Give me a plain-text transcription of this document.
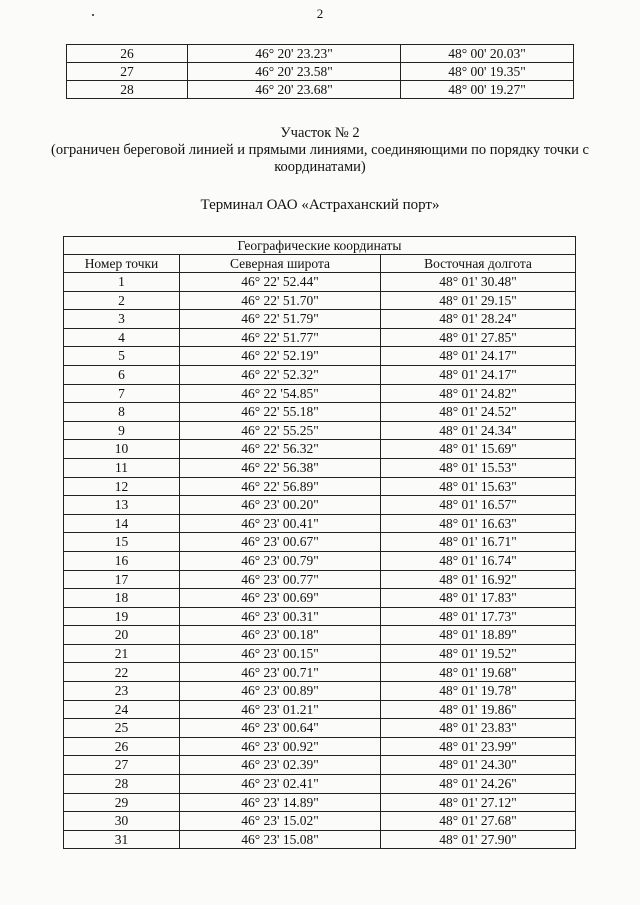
2
26	46° 20' 23.23"	48° 00' 20.03"
27	46° 20' 23.58"	48° 00' 19.35"
28	46° 20' 23.68"	48° 00' 19.27"
Участок № 2
(ограничен береговой линией и прямыми линиями, соединяющими по порядку точки с координатами)
Терминал ОАО «Астраханский порт»
Географические координаты		
Номер точки	Северная широта	Восточная долгота
1	46° 22' 52.44"	48° 01' 30.48"
2	46° 22' 51.70"	48° 01' 29.15"
3	46° 22' 51.79"	48° 01' 28.24"
4	46° 22' 51.77"	48° 01' 27.85"
5	46° 22' 52.19"	48° 01' 24.17"
6	46° 22' 52.32"	48° 01' 24.17"
7	46° 22 '54.85"	48° 01' 24.82"
8	46° 22' 55.18"	48° 01' 24.52"
9	46° 22' 55.25"	48° 01' 24.34"
10	46° 22' 56.32"	48° 01' 15.69"
11	46° 22' 56.38"	48° 01' 15.53"
12	46° 22' 56.89"	48° 01' 15.63"
13	46° 23' 00.20"	48° 01' 16.57"
14	46° 23' 00.41"	48° 01' 16.63"
15	46° 23' 00.67"	48° 01' 16.71"
16	46° 23' 00.79"	48° 01' 16.74"
17	46° 23' 00.77"	48° 01' 16.92"
18	46° 23' 00.69"	48° 01' 17.83"
19	46° 23' 00.31"	48° 01' 17.73"
20	46° 23' 00.18"	48° 01' 18.89"
21	46° 23' 00.15"	48° 01' 19.52"
22	46° 23' 00.71"	48° 01' 19.68"
23	46° 23' 00.89"	48° 01' 19.78"
24	46° 23' 01.21"	48° 01' 19.86"
25	46° 23' 00.64"	48° 01' 23.83"
26	46° 23' 00.92"	48° 01' 23.99"
27	46° 23' 02.39"	48° 01' 24.30"
28	46° 23' 02.41"	48° 01' 24.26"
29	46° 23' 14.89"	48° 01' 27.12"
30	46° 23' 15.02"	48° 01' 27.68"
31	46° 23' 15.08"	48° 01' 27.90"
